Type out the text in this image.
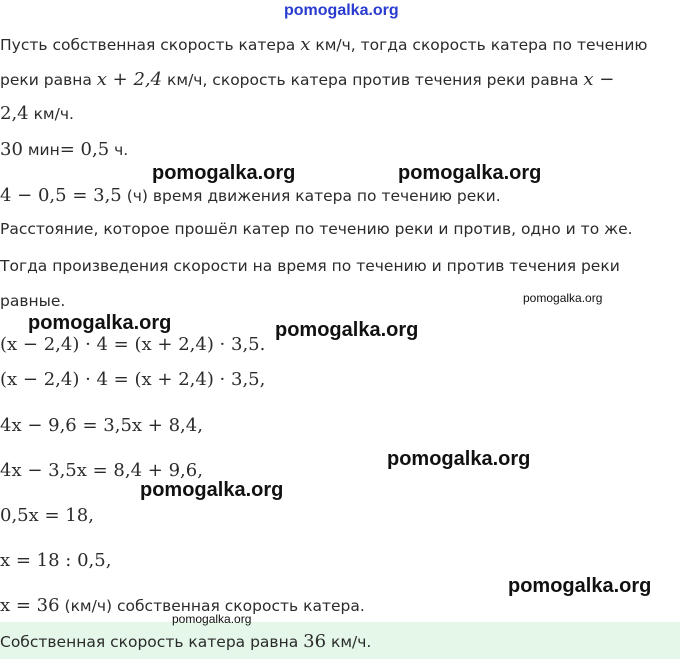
pomogalka.org
Пусть собственная скорость катера x км/ч, тогда скорость катера по течению
реки равна x + 2,4 км/ч, скорость катера против течения реки равна x −
2,4 км/ч.
30 мин= 0,5 ч.
4 − 0,5 = 3,5 (ч) время движения катера по течению реки.
Расстояние, которое прошёл катер по течению реки и против, одно и то же.
Тогда произведения скорости на время по течению и против течения реки
равные.
(x − 2,4) · 4 = (x + 2,4) · 3,5.
(x − 2,4) · 4 = (x + 2,4) · 3,5,
4x − 9,6 = 3,5x + 8,4,
4x − 3,5x = 8,4 + 9,6,
0,5x = 18,
x = 18 : 0,5,
x = 36 (км/ч) собственная скорость катера.
Собственная скорость катера равна 36 км/ч.
pomogalka.org	pomogalka.org
pomogalka.org
pomogalka.org	pomogalka.org
pomogalka.org
pomogalka.org
pomogalka.org
pomogalka.org
